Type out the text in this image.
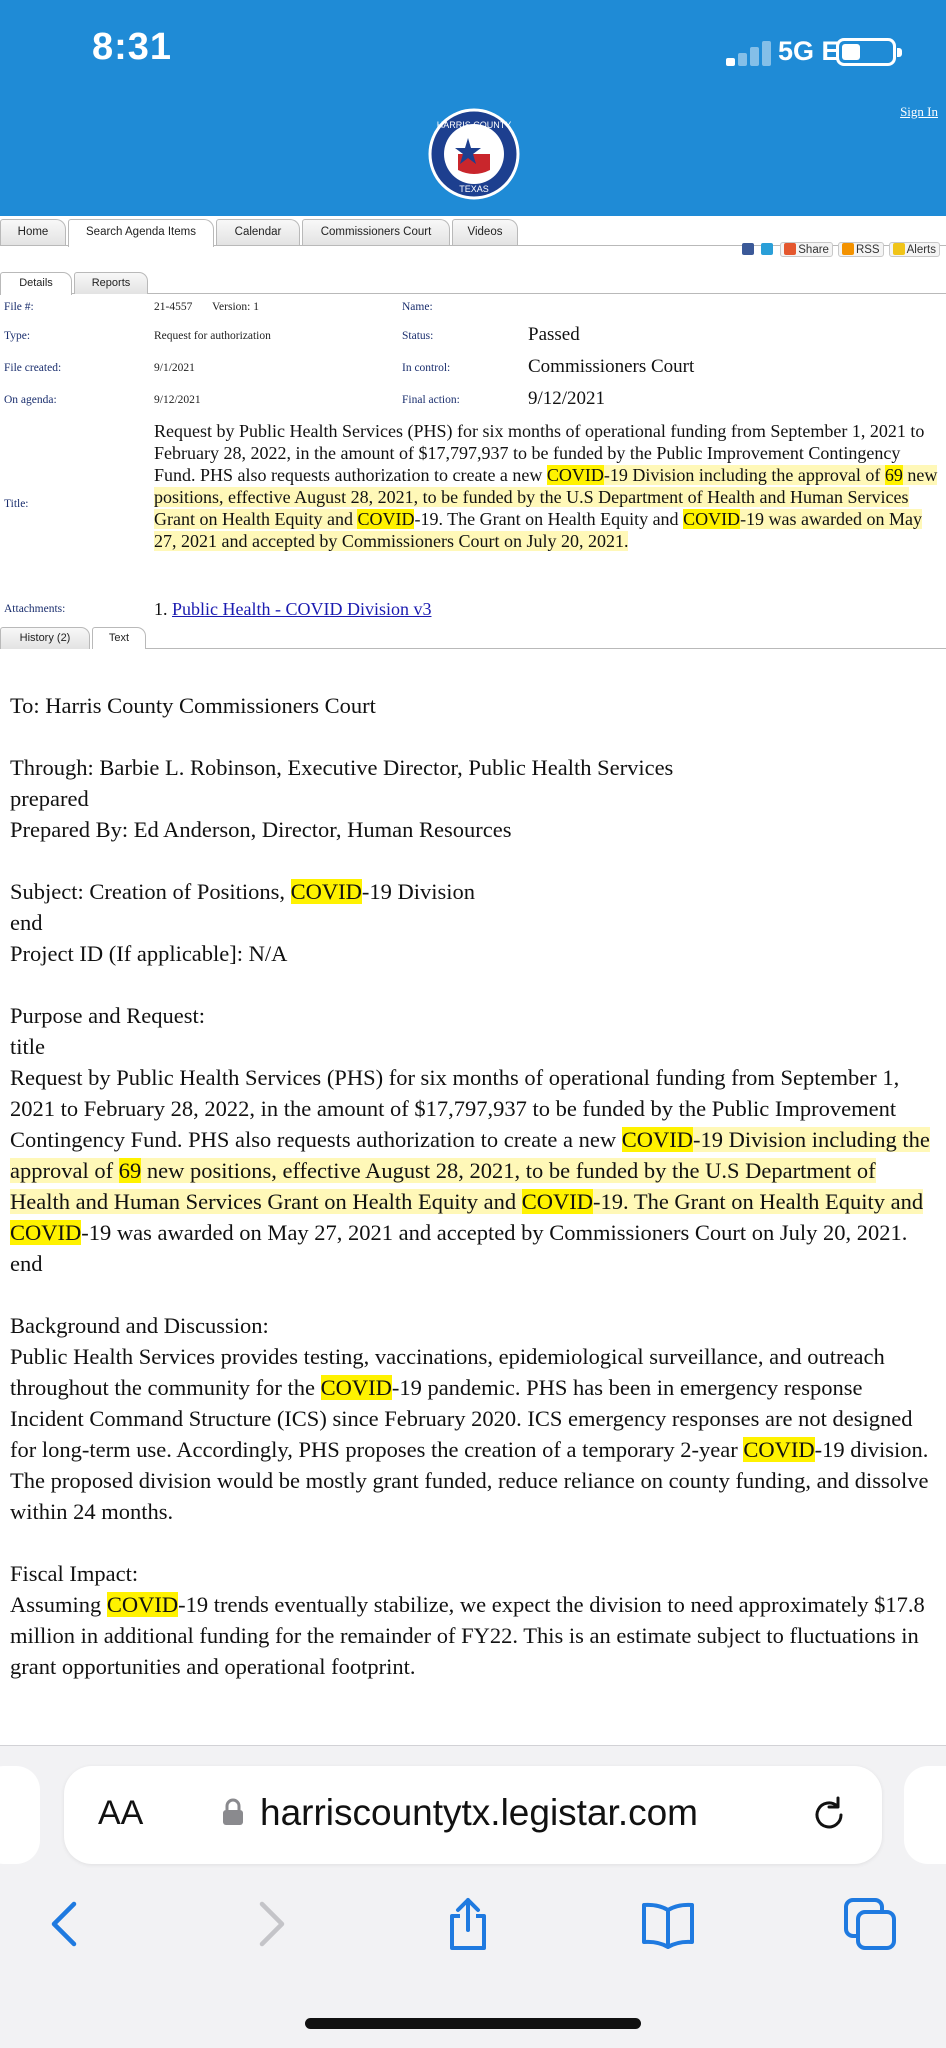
8:31	5G E
Sign In
HARRIS COUNTY
TEXAS
Home	Search Agenda Items	Calendar	Commissioners Court	Videos
Share	RSS	Alerts
Details	Reports
File #:	21-4557 Version: 1	Name:
Type:	Request for authorization	Status:	Passed
File created:	9/1/2021	In control:	Commissioners Court
On agenda:	9/12/2021	Final action:	9/12/2021
Title:
Request by Public Health Services (PHS) for six months of operational funding from September 1, 2021 to February 28, 2022, in the amount of $17,797,937 to be funded by the Public Improvement Contingency Fund. PHS also requests authorization to create a new COVID-19 Division including the approval of 69 new positions, effective August 28, 2021, to be funded by the U.S Department of Health and Human Services Grant on Health Equity and COVID-19. The Grant on Health Equity and COVID-19 was awarded on May 27, 2021 and accepted by Commissioners Court on July 20, 2021.
Attachments:	1. Public Health - COVID Division v3
History (2)	Text

To: Harris County Commissioners Court

Through: Barbie L. Robinson, Executive Director, Public Health Services

prepared

Prepared By: Ed Anderson, Director, Human Resources

Subject: Creation of Positions, COVID-19 Division

end

Project ID (If applicable]: N/A

Purpose and Request:

title

Request by Public Health Services (PHS) for six months of operational funding from September 1, 2021 to February 28, 2022, in the amount of $17,797,937 to be funded by the Public Improvement Contingency Fund. PHS also requests authorization to create a new COVID-19 Division including the approval of 69 new positions, effective August 28, 2021, to be funded by the U.S Department of Health and Human Services Grant on Health Equity and COVID-19. The Grant on Health Equity and COVID-19 was awarded on May 27, 2021 and accepted by Commissioners Court on July 20, 2021.

end

Background and Discussion:

Public Health Services provides testing, vaccinations, epidemiological surveillance, and outreach throughout the community for the COVID-19 pandemic. PHS has been in emergency response Incident Command Structure (ICS) since February 2020. ICS emergency responses are not designed for long-term use. Accordingly, PHS proposes the creation of a temporary 2-year COVID-19 division. The proposed division would be mostly grant funded, reduce reliance on county funding, and dissolve within 24 months.

Fiscal Impact:

Assuming COVID-19 trends eventually stabilize, we expect the division to need approximately $17.8 million in additional funding for the remainder of FY22. This is an estimate subject to fluctuations in grant opportunities and operational footprint.

AA	harriscountytx.legistar.com
